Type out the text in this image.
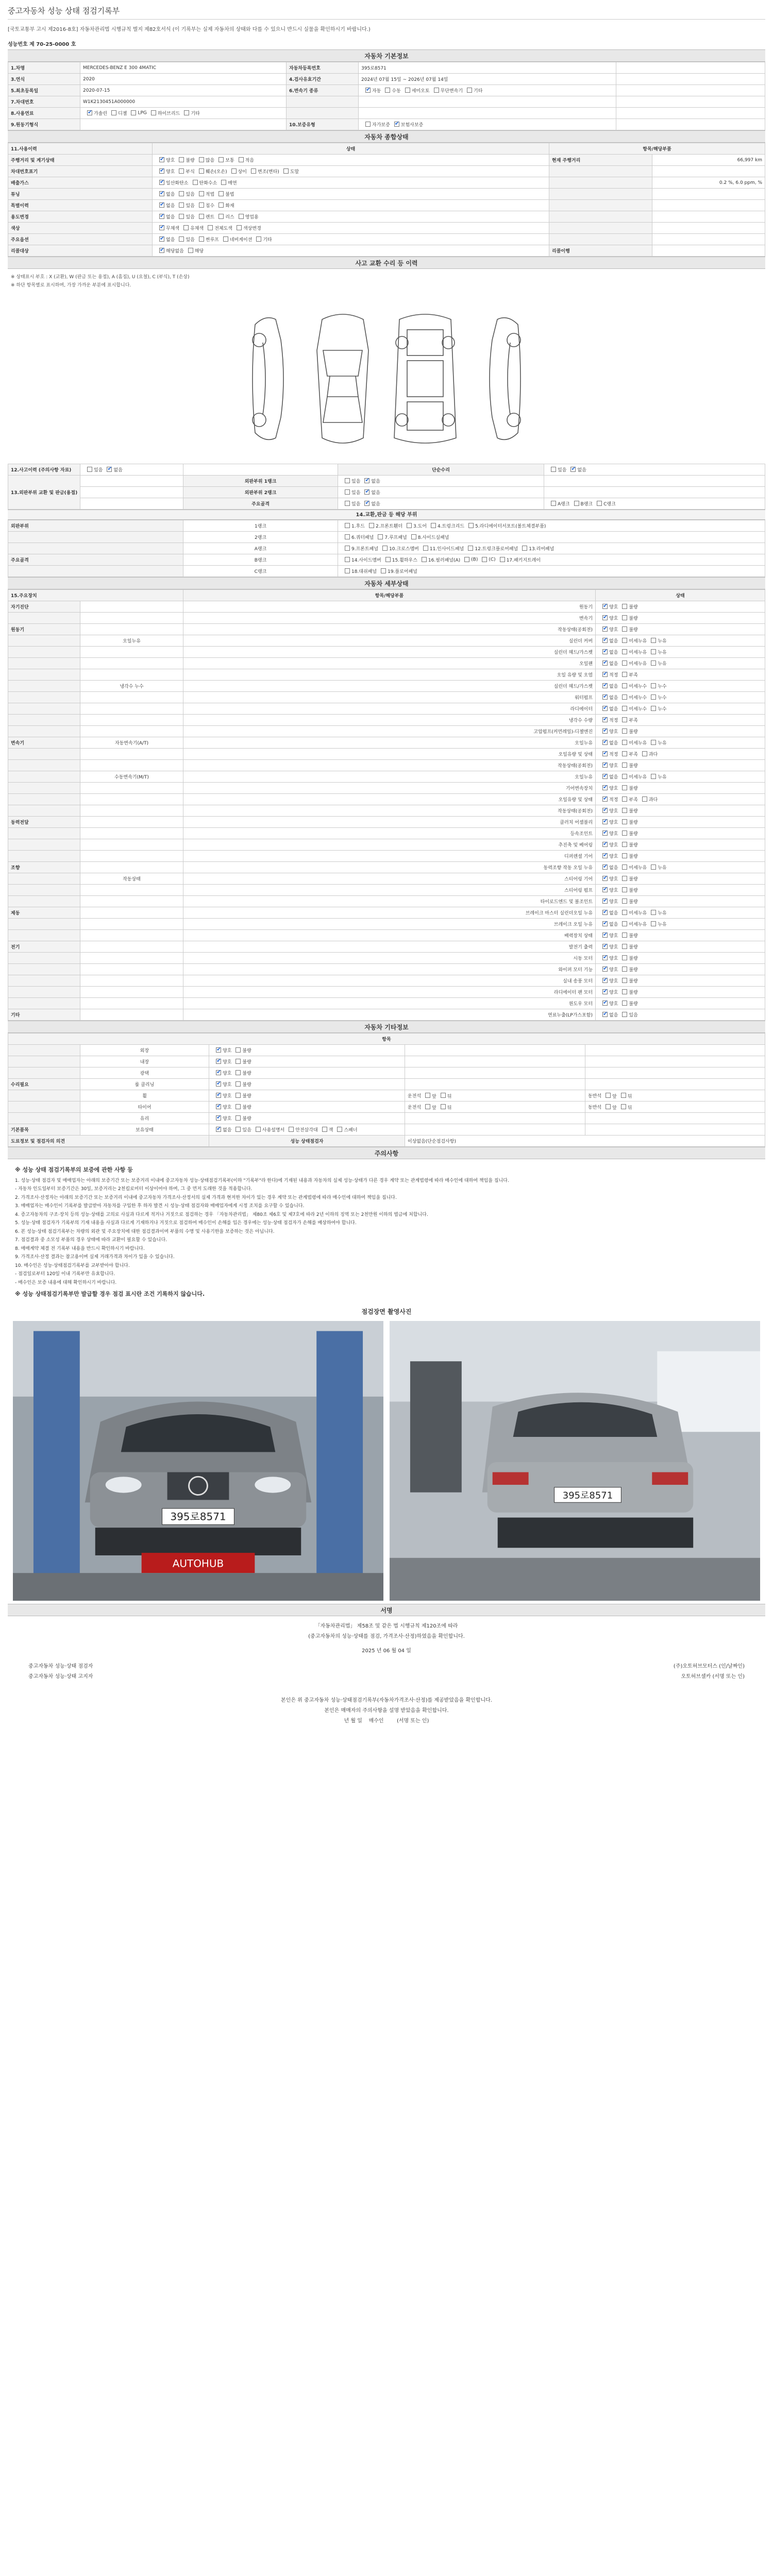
중고자동차 성능 상태 점검기록부
[국토교통부 고시 제2016-8호] 자동차관리법 시행규칙 별지 제82호서식 (이 기록부는 실제 자동차의 상태와 다를 수 있으니 반드시 실물을 확인하시기 바랍니다.)
성능번호 제 70-25-0000 호
자동차 기본정보
1.차명	MERCEDES-BENZ E 300 4MATIC	자동차등록번호	395로8571	
3.연식	2020	4.검사유효기간	2024년 07월 15일 ~ 2026년 07월 14일	
5.최초등록일	2020-07-15	6.변속기 종류	✔자동 수동 세미오토 무단변속기 기타	
7.차대번호	W1K2130451A000000			
8.사용연료	✔가솔린 디젤 LPG 하이브리드 기타			
9.원동기형식		10.보증유형	자가보증 ✔ 보험사보증	
자동차 종합상태
11.사용이력	상태	항목/해당부품	
주행거리 및 계기상태	✔양호 불량 많음 보통 적음	현재 주행거리	66,997 km
차대번호표기	✔양호 부식 훼손(오손) 상이 변조(변타) 도말		
배출가스	✔일산화탄소 탄화수소 매연		0.2 %, 6.0 ppm, %
튜닝	✔없음 있음 적법 불법		
특별이력	✔없음 있음 침수 화재		
용도변경	✔없음 있음 렌트 리스 영업용		
색상	✔무채색 유채색 전체도색 색상변경		
주요옵션	✔없음 있음 썬루프 네비게이션 기타		
리콜대상	✔해당없음 해당	리콜이행	
사고 교환 수리 등 이력
※ 상태표시 부호 : X (교환), W (판금 또는 용접), A (흠집), U (요철), C (부식), T (손상)
※ 하단 항목별로 표시하며, 가장 가까운 부분에 표시합니다.
12.사고이력 (주의사항 자료)	있음 ✔ 없음		단순수리	있음 ✔ 없음
13.외판부위 교환 및 판금(용접)		외판부위 1랭크	있음 ✔ 없음	
		외판부위 2랭크	있음 ✔ 없음	
		주요골격	있음 ✔ 없음	A랭크 B랭크 C랭크
14.교환,판금 등 해당 부위
외판부위	1랭크	1.후드 2.프론트휀더 3.도어 4.트렁크리드 5.라디에이터서포트(볼트체결부품)
	2랭크	6.쿼터패널 7.루프패널 8.사이드실패널
	A랭크	9.프론트패널 10.크로스멤버 11.인사이드패널 12.트렁크플로어패널 13.리어패널
주요골격	B랭크	14.사이드멤버 15.휠하우스 16.필러패널(A) (B) (C) 17.패키지트레이
	C랭크	18.대쉬패널 19.플로어패널
자동차 세부상태
15.주요장치		항목/해당부품	상태
자기진단		원동기	✔양호 불량
		변속기	✔양호 불량
원동기		작동상태(공회전)	✔양호 불량
	오일누유	실린더 커버	✔없음 미세누유 누유
		실린더 헤드/가스켓	✔없음 미세누유 누유
		오일팬	✔없음 미세누유 누유
		오일 유량 및 오염	✔적정 부족
	냉각수 누수	실린더 헤드/가스켓	✔없음 미세누수 누수
		워터펌프	✔없음 미세누수 누수
		라디에이터	✔없음 미세누수 누수
		냉각수 수량	✔적정 부족
		고압펌프(커먼레일)-디젤엔진	✔양호 불량
변속기	자동변속기(A/T)	오일누유	✔없음 미세누유 누유
		오일유량 및 상태	✔적정 부족 과다
		작동상태(공회전)	✔양호 불량
	수동변속기(M/T)	오일누유	✔없음 미세누유 누유
		기어변속장치	✔양호 불량
		오일유량 및 상태	✔적정 부족 과다
		작동상태(공회전)	✔양호 불량
동력전달		클러치 어셈블리	✔양호 불량
		등속조인트	✔양호 불량
		추진축 및 베어링	✔양호 불량
		디퍼렌셜 기어	✔양호 불량
조향		동력조향 작동 오일 누유	✔없음 미세누유 누유
	작동상태	스티어링 기어	✔양호 불량
		스티어링 펌프	✔양호 불량
		타이로드엔드 및 볼조인트	✔양호 불량
제동		브레이크 마스터 실린더오일 누유	✔없음 미세누유 누유
		브레이크 오일 누유	✔없음 미세누유 누유
		배력장치 상태	✔양호 불량
전기		발전기 출력	✔양호 불량
		시동 모터	✔양호 불량
		와이퍼 모터 기능	✔양호 불량
		실내 송풍 모터	✔양호 불량
		라디에이터 팬 모터	✔양호 불량
		윈도우 모터	✔양호 불량
기타		연료누출(LP가스포함)	✔없음 있음
자동차 기타정보
항목				
	외장	✔양호 불량		
	내장	✔양호 불량		
	광택	✔양호 불량		
수리필요	룸 클리닝	✔양호 불량		
	휠	✔양호 불량	운전석 앞 뒤	동반석 앞 뒤
	타이어	✔양호 불량	운전석 앞 뒤	동반석 앞 뒤
	유리	✔양호 불량		
기본품목	보유상태	✔없음 있음 사용설명서 안전삼각대 잭 스패너		
도료정보 및 점검자의 의견		성능 상태점검자	이상없음(단순점검사항)	
주의사항
※ 성능 상태 점검기록부의 보증에 관한 사항 등

1. 성능·상태 점검자 및 매매업자는 아래의 보증기간 또는 보증거리 이내에 중고자동차 성능·상태점검기록부(이하 "기록부"라 한다)에 기재된 내용과 자동차의 실제 성능·상태가 다른 경우 계약 또는 관계법령에 따라 매수인에 대하여 책임을 집니다.

- 자동차 인도일부터 보증기간은 30일, 보증거리는 2천킬로미터 이상이어야 하며, 그 중 먼저 도래한 것을 적용합니다.

2. 가격조사·산정자는 아래의 보증기간 또는 보증거리 이내에 중고자동차 가격조사·산정서의 실제 가격과 현저한 차이가 있는 경우 계약 또는 관계법령에 따라 매수인에 대하여 책임을 집니다.

3. 매매업자는 매수인이 기록부를 발급받아 자동차를 구입한 후 하자 발견 시 성능·상태 점검자와 매매업자에게 시정 조치를 요구할 수 있습니다.

4. 증고자동차의 구조·장치 등의 성능·상태를 고의로 사실과 다르게 적거나 거짓으로 점검하는 경우 「자동차관리법」 제80조 제6호 및 제7호에 따라 2년 이하의 징역 또는 2천만원 이하의 벌금에 처합니다.

5. 성능·상태 점검자가 기록부의 기재 내용을 사실과 다르게 기재하거나 거짓으로 점검하여 매수인이 손해를 입은 경우에는 성능·상태 점검자가 손해를 배상하여야 합니다.

6. 본 성능·상태 점검기록부는 차량의 외관 및 주요장치에 대한 점검결과이며 부품의 수명 및 사용기한을 보증하는 것은 아닙니다.

7. 점검결과 중 소모성 부품의 경우 상태에 따라 교환이 필요할 수 있습니다.

8. 매매계약 체결 전 기록부 내용을 반드시 확인하시기 바랍니다.

9. 가격조사·산정 결과는 참고용이며 실제 거래가격과 차이가 있을 수 있습니다.

10. 매수인은 성능·상태점검기록부를 교부받아야 합니다.

- 점검일로부터 120일 이내 기록부만 유효합니다.

- 매수인은 보증 내용에 대해 확인하시기 바랍니다.

※ 성능 상태점검기록부만 발급할 경우 점검 표시란 조건 기록하지 않습니다.
점검장면 촬영사진
395로8571
AUTOHUB
395로8571
서명
「자동차관리법」 제58조 및 같은 법 시행규칙 제120조에 따라
(중고자동차의 성능·상태를 점검, 가격조사·산정)하였음을 확인합니다.
2025 년 06 월 04 일
중고자동차 성능·상태 점검자	(주)오토허브모터스 (인/날짜인)
중고자동차 성능·상태 고지자	오토허브셀카 (서명 또는 인)
본인은 위 중고자동차 성능·상태점검기록부(자동차가격조사·산정)를 제공받았음을 확인합니다.
본인은 매매자의 주의사항을 설명 받았음을 확인합니다.
년 월 일 매수인	(서명 또는 인)
